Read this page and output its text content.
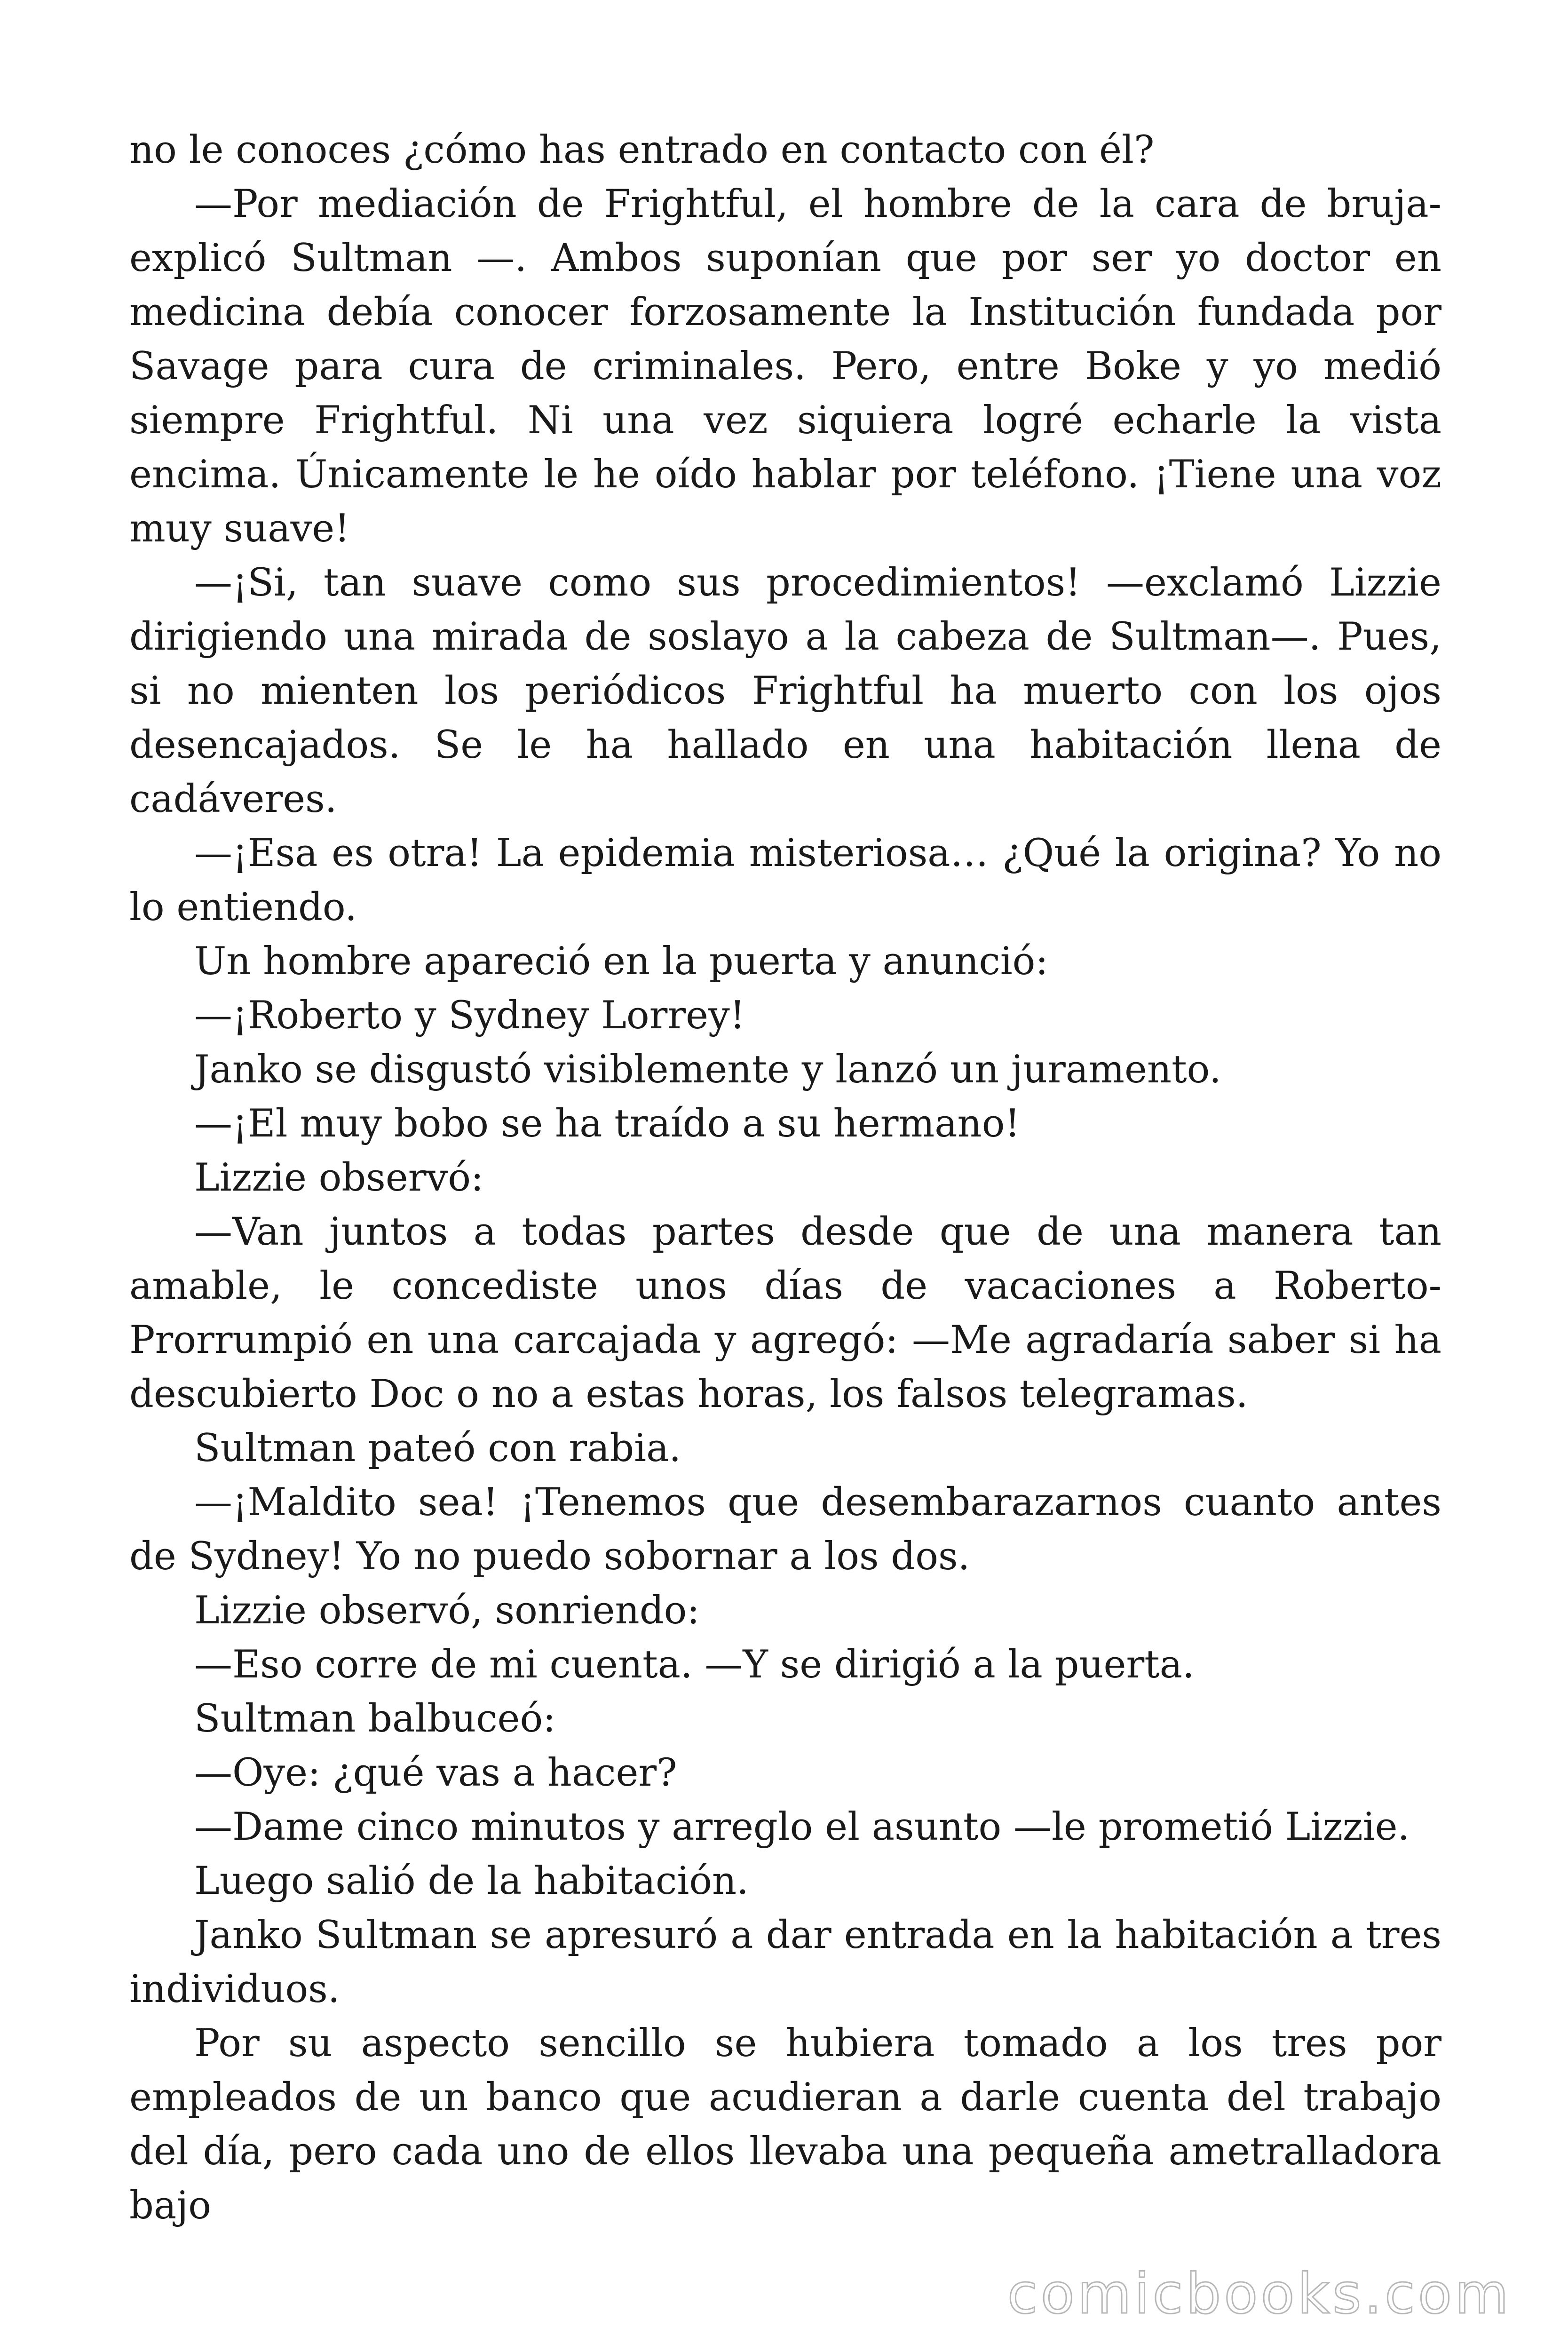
no le conoces ¿cómo has entrado en contacto con él?

—Por mediación de Frightful, el hombre de la cara de bruja- explicó Sultman —. Ambos suponían que por ser yo doctor en medicina debía conocer forzosamente la Institución fundada por Savage para cura de criminales. Pero, entre Boke y yo medió siempre Frightful. Ni una vez siquiera logré echarle la vista encima. Únicamente le he oído hablar por teléfono. ¡Tiene una voz muy suave!

—¡Si, tan suave como sus procedimientos! —exclamó Lizzie dirigiendo una mirada de soslayo a la cabeza de Sultman—. Pues, si no mienten los periódicos Frightful ha muerto con los ojos desencajados. Se le ha hallado en una habitación llena de cadáveres.

—¡Esa es otra! La epidemia misteriosa… ¿Qué la origina? Yo no lo entiendo.

Un hombre apareció en la puerta y anunció:

—¡Roberto y Sydney Lorrey!

Janko se disgustó visiblemente y lanzó un juramento.

—¡El muy bobo se ha traído a su hermano!

Lizzie observó:

—Van juntos a todas partes desde que de una manera tan amable, le concediste unos días de vacaciones a Roberto- Prorrumpió en una carcajada y agregó: —Me agradaría saber si ha descubierto Doc o no a estas horas, los falsos telegramas.

Sultman pateó con rabia.

—¡Maldito sea! ¡Tenemos que desembarazarnos cuanto antes de Sydney! Yo no puedo sobornar a los dos.

Lizzie observó, sonriendo:

—Eso corre de mi cuenta. —Y se dirigió a la puerta.

Sultman balbuceó:

—Oye: ¿qué vas a hacer?

—Dame cinco minutos y arreglo el asunto —le prometió Lizzie.

Luego salió de la habitación.

Janko Sultman se apresuró a dar entrada en la habitación a tres individuos.

Por su aspecto sencillo se hubiera tomado a los tres por empleados de un banco que acudieran a darle cuenta del trabajo del día, pero cada uno de ellos llevaba una pequeña ametralladora bajo

comicbooks.com
